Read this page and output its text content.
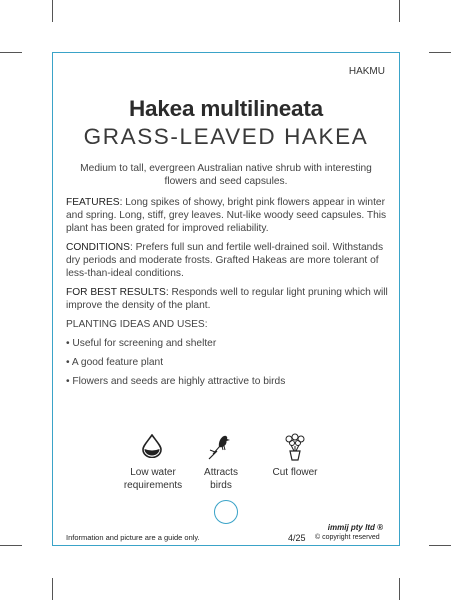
HAKMU
Hakea multilineata
GRASS-LEAVED HAKEA
Medium to tall, evergreen Australian native shrub with interesting flowers and seed capsules.

FEATURES: Long spikes of showy, bright pink flowers appear in winter and spring. Long, stiff, grey leaves. Nut-like woody seed capsules. This plant has been grated for improved reliability.

CONDITIONS: Prefers full sun and fertile well-drained soil. Withstands dry periods and moderate frosts. Grafted Hakeas are more tolerant of less-than-ideal conditions.

FOR BEST RESULTS: Responds well to regular light pruning which will improve the density of the plant.

PLANTING IDEAS AND USES:

• Useful for screening and shelter
• A good feature plant
• Flowers and seeds are highly attractive to birds
Low water
requirements
Attracts
birds
Cut flower
Information and picture are a guide only.
immij pty ltd ®
4/25 © copyright reserved
